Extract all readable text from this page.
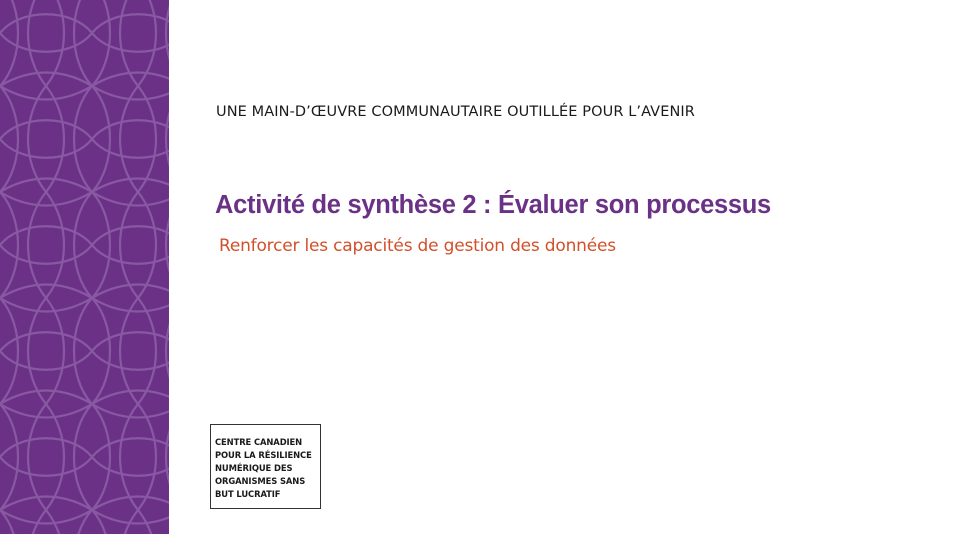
UNE MAIN-D’ŒUVRE COMMUNAUTAIRE OUTILLÉE POUR L’AVENIR
Activité de synthèse 2 : Évaluer son processus
Renforcer les capacités de gestion des données
CENTRE CANADIEN
POUR LA RÉSILIENCE
NUMÉRIQUE DES
ORGANISMES SANS
BUT LUCRATIF
